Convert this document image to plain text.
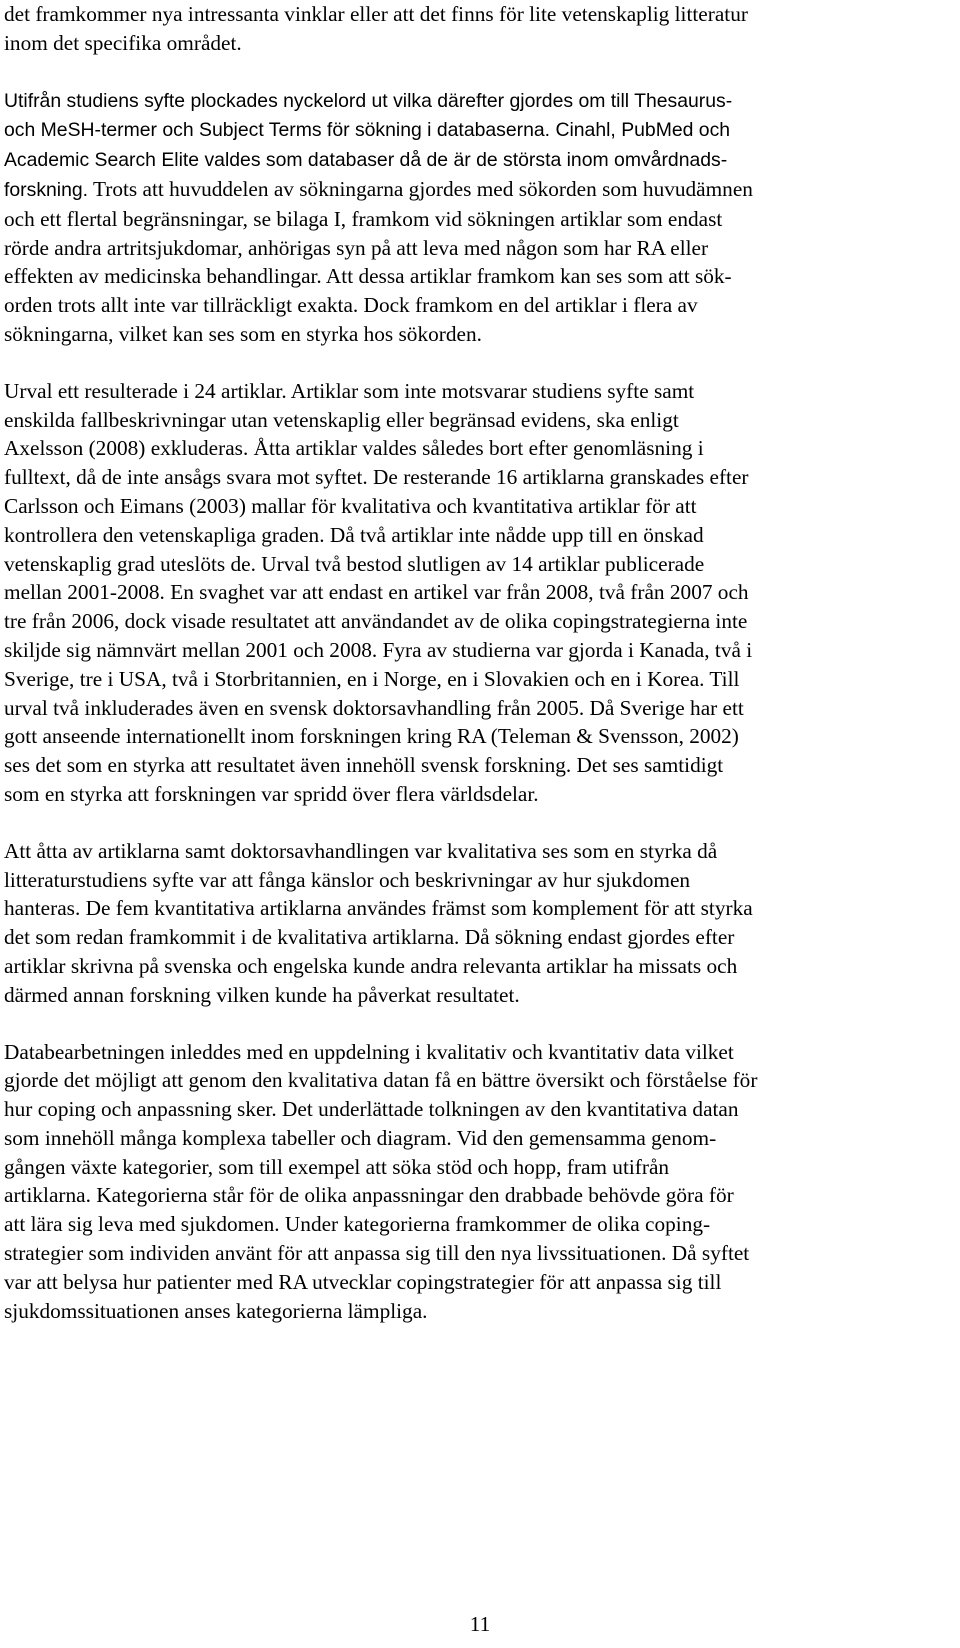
det framkommer nya intressanta vinklar eller att det finns för lite vetenskaplig litteratur
inom det specifika området.

Utifrån studiens syfte plockades nyckelord ut vilka därefter gjordes om till Thesaurus-
och MeSH-termer och Subject Terms för sökning i databaserna. Cinahl, PubMed och
Academic Search Elite valdes som databaser då de är de största inom omvårdnads-
forskning. Trots att huvuddelen av sökningarna gjordes med sökorden som huvudämnen
och ett flertal begränsningar, se bilaga I, framkom vid sökningen artiklar som endast
rörde andra artritsjukdomar, anhörigas syn på att leva med någon som har RA eller
effekten av medicinska behandlingar. Att dessa artiklar framkom kan ses som att sök-
orden trots allt inte var tillräckligt exakta. Dock framkom en del artiklar i flera av
sökningarna, vilket kan ses som en styrka hos sökorden.

Urval ett resulterade i 24 artiklar. Artiklar som inte motsvarar studiens syfte samt
enskilda fallbeskrivningar utan vetenskaplig eller begränsad evidens, ska enligt
Axelsson (2008) exkluderas. Åtta artiklar valdes således bort efter genomläsning i
fulltext, då de inte ansågs svara mot syftet. De resterande 16 artiklarna granskades efter
Carlsson och Eimans (2003) mallar för kvalitativa och kvantitativa artiklar för att
kontrollera den vetenskapliga graden. Då två artiklar inte nådde upp till en önskad
vetenskaplig grad uteslöts de. Urval två bestod slutligen av 14 artiklar publicerade
mellan 2001-2008. En svaghet var att endast en artikel var från 2008, två från 2007 och
tre från 2006, dock visade resultatet att användandet av de olika copingstrategierna inte
skiljde sig nämnvärt mellan 2001 och 2008. Fyra av studierna var gjorda i Kanada, två i
Sverige, tre i USA, två i Storbritannien, en i Norge, en i Slovakien och en i Korea. Till
urval två inkluderades även en svensk doktorsavhandling från 2005. Då Sverige har ett
gott anseende internationellt inom forskningen kring RA (Teleman & Svensson, 2002)
ses det som en styrka att resultatet även innehöll svensk forskning. Det ses samtidigt
som en styrka att forskningen var spridd över flera världsdelar.

Att åtta av artiklarna samt doktorsavhandlingen var kvalitativa ses som en styrka då
litteraturstudiens syfte var att fånga känslor och beskrivningar av hur sjukdomen
hanteras. De fem kvantitativa artiklarna användes främst som komplement för att styrka
det som redan framkommit i de kvalitativa artiklarna. Då sökning endast gjordes efter
artiklar skrivna på svenska och engelska kunde andra relevanta artiklar ha missats och
därmed annan forskning vilken kunde ha påverkat resultatet.

Databearbetningen inleddes med en uppdelning i kvalitativ och kvantitativ data vilket
gjorde det möjligt att genom den kvalitativa datan få en bättre översikt och förståelse för
hur coping och anpassning sker. Det underlättade tolkningen av den kvantitativa datan
som innehöll många komplexa tabeller och diagram. Vid den gemensamma genom-
gången växte kategorier, som till exempel att söka stöd och hopp, fram utifrån
artiklarna. Kategorierna står för de olika anpassningar den drabbade behövde göra för
att lära sig leva med sjukdomen. Under kategorierna framkommer de olika coping-
strategier som individen använt för att anpassa sig till den nya livssituationen. Då syftet
var att belysa hur patienter med RA utvecklar copingstrategier för att anpassa sig till
sjukdomssituationen anses kategorierna lämpliga.

11
